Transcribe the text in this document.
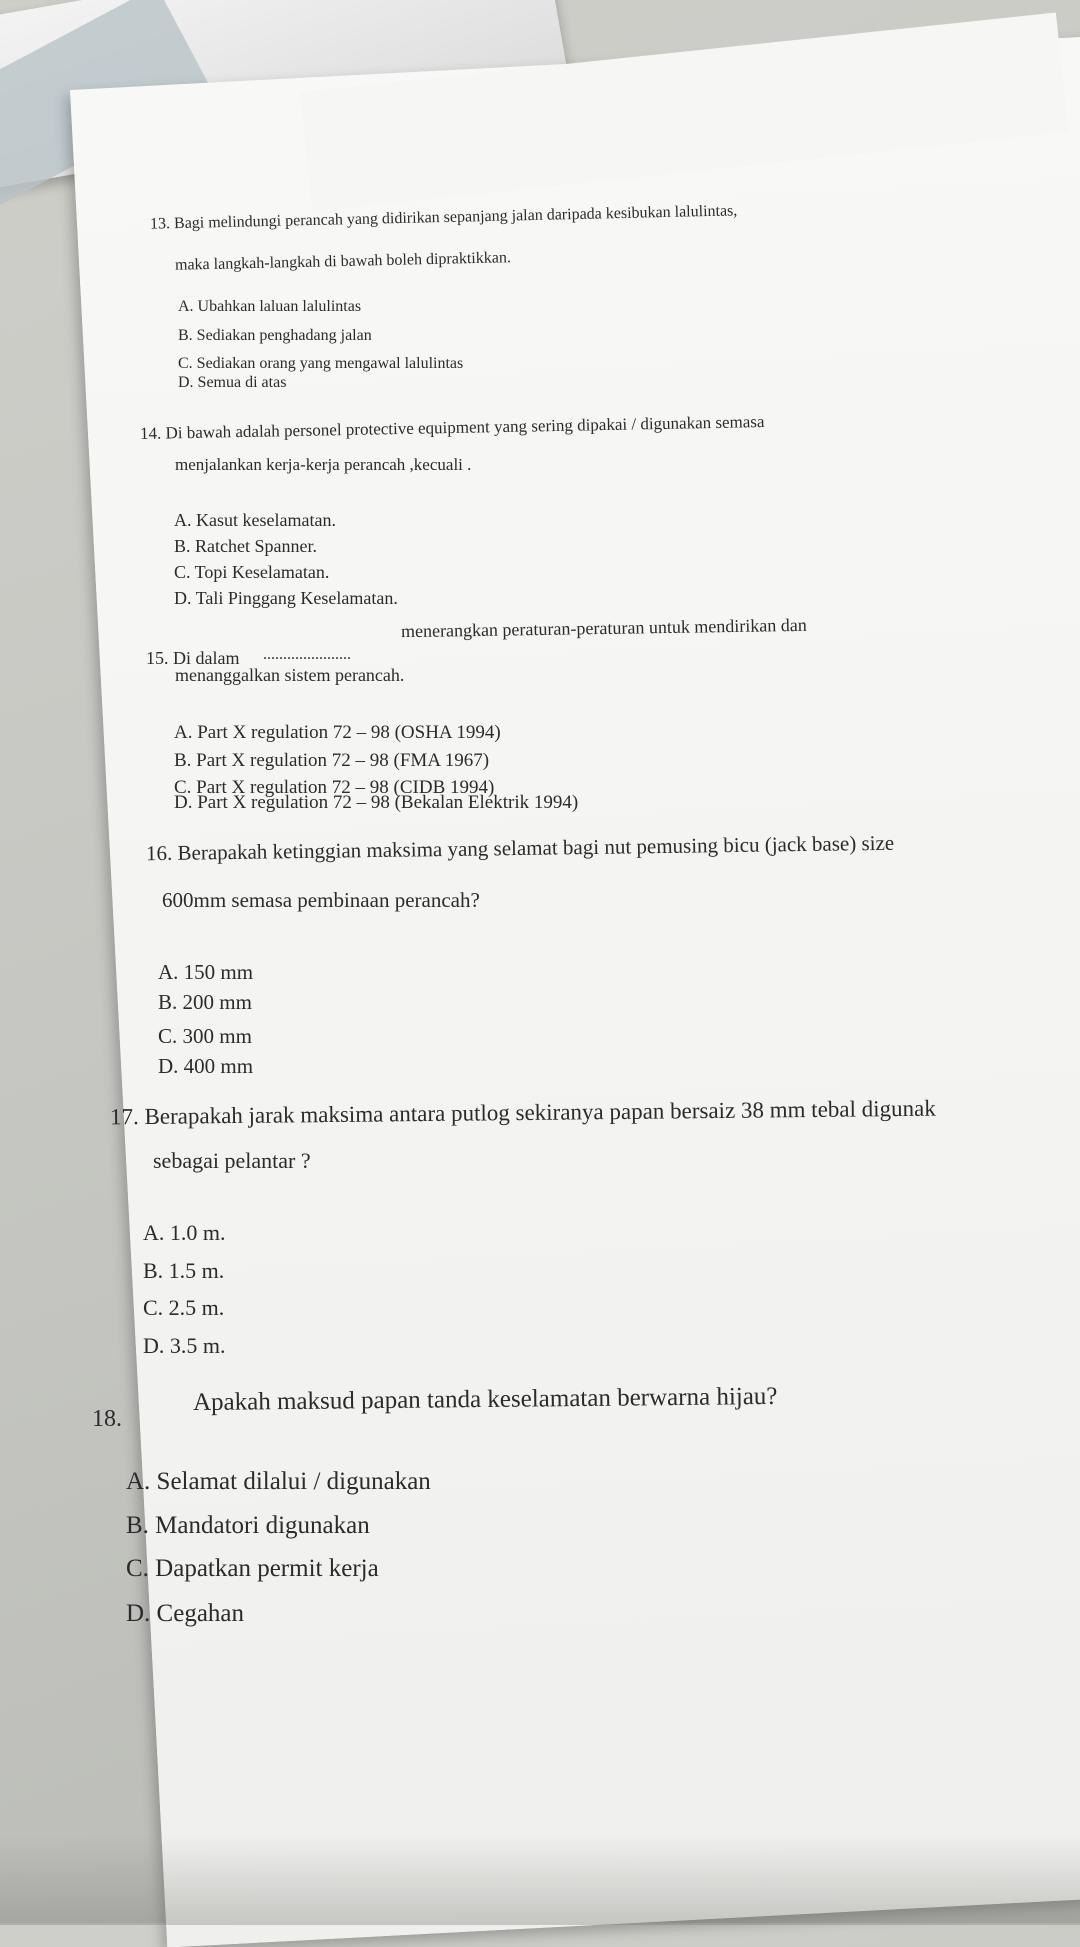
13. Bagi melindungi perancah yang didirikan sepanjang jalan daripada kesibukan lalulintas,
maka langkah-langkah di bawah boleh dipraktikkan.
A. Ubahkan laluan lalulintas
B. Sediakan penghadang jalan
C. Sediakan orang yang mengawal lalulintas
D. Semua di atas
14. Di bawah adalah personel protective equipment yang sering dipakai / digunakan semasa
menjalankan kerja-kerja perancah ,kecuali .
A. Kasut keselamatan.
B. Ratchet Spanner.
C. Topi Keselamatan.
D. Tali Pinggang Keselamatan.
15. Di dalam ......................
menerangkan peraturan-peraturan untuk mendirikan dan
menanggalkan sistem perancah.
A. Part X regulation 72 – 98 (OSHA 1994)
B. Part X regulation 72 – 98 (FMA 1967)
C. Part X regulation 72 – 98 (CIDB 1994)
D. Part X regulation 72 – 98 (Bekalan Elektrik 1994)
16. Berapakah ketinggian maksima yang selamat bagi nut pemusing bicu (jack base) size
600mm semasa pembinaan perancah?
A. 150 mm
B. 200 mm
C. 300 mm
D. 400 mm
17. Berapakah jarak maksima antara putlog sekiranya papan bersaiz 38 mm tebal digunak
sebagai pelantar ?
A. 1.0 m.
B. 1.5 m.
C. 2.5 m.
D. 3.5 m.
18.
Apakah maksud papan tanda keselamatan berwarna hijau?
A. Selamat dilalui / digunakan
B. Mandatori digunakan
C. Dapatkan permit kerja
D. Cegahan
